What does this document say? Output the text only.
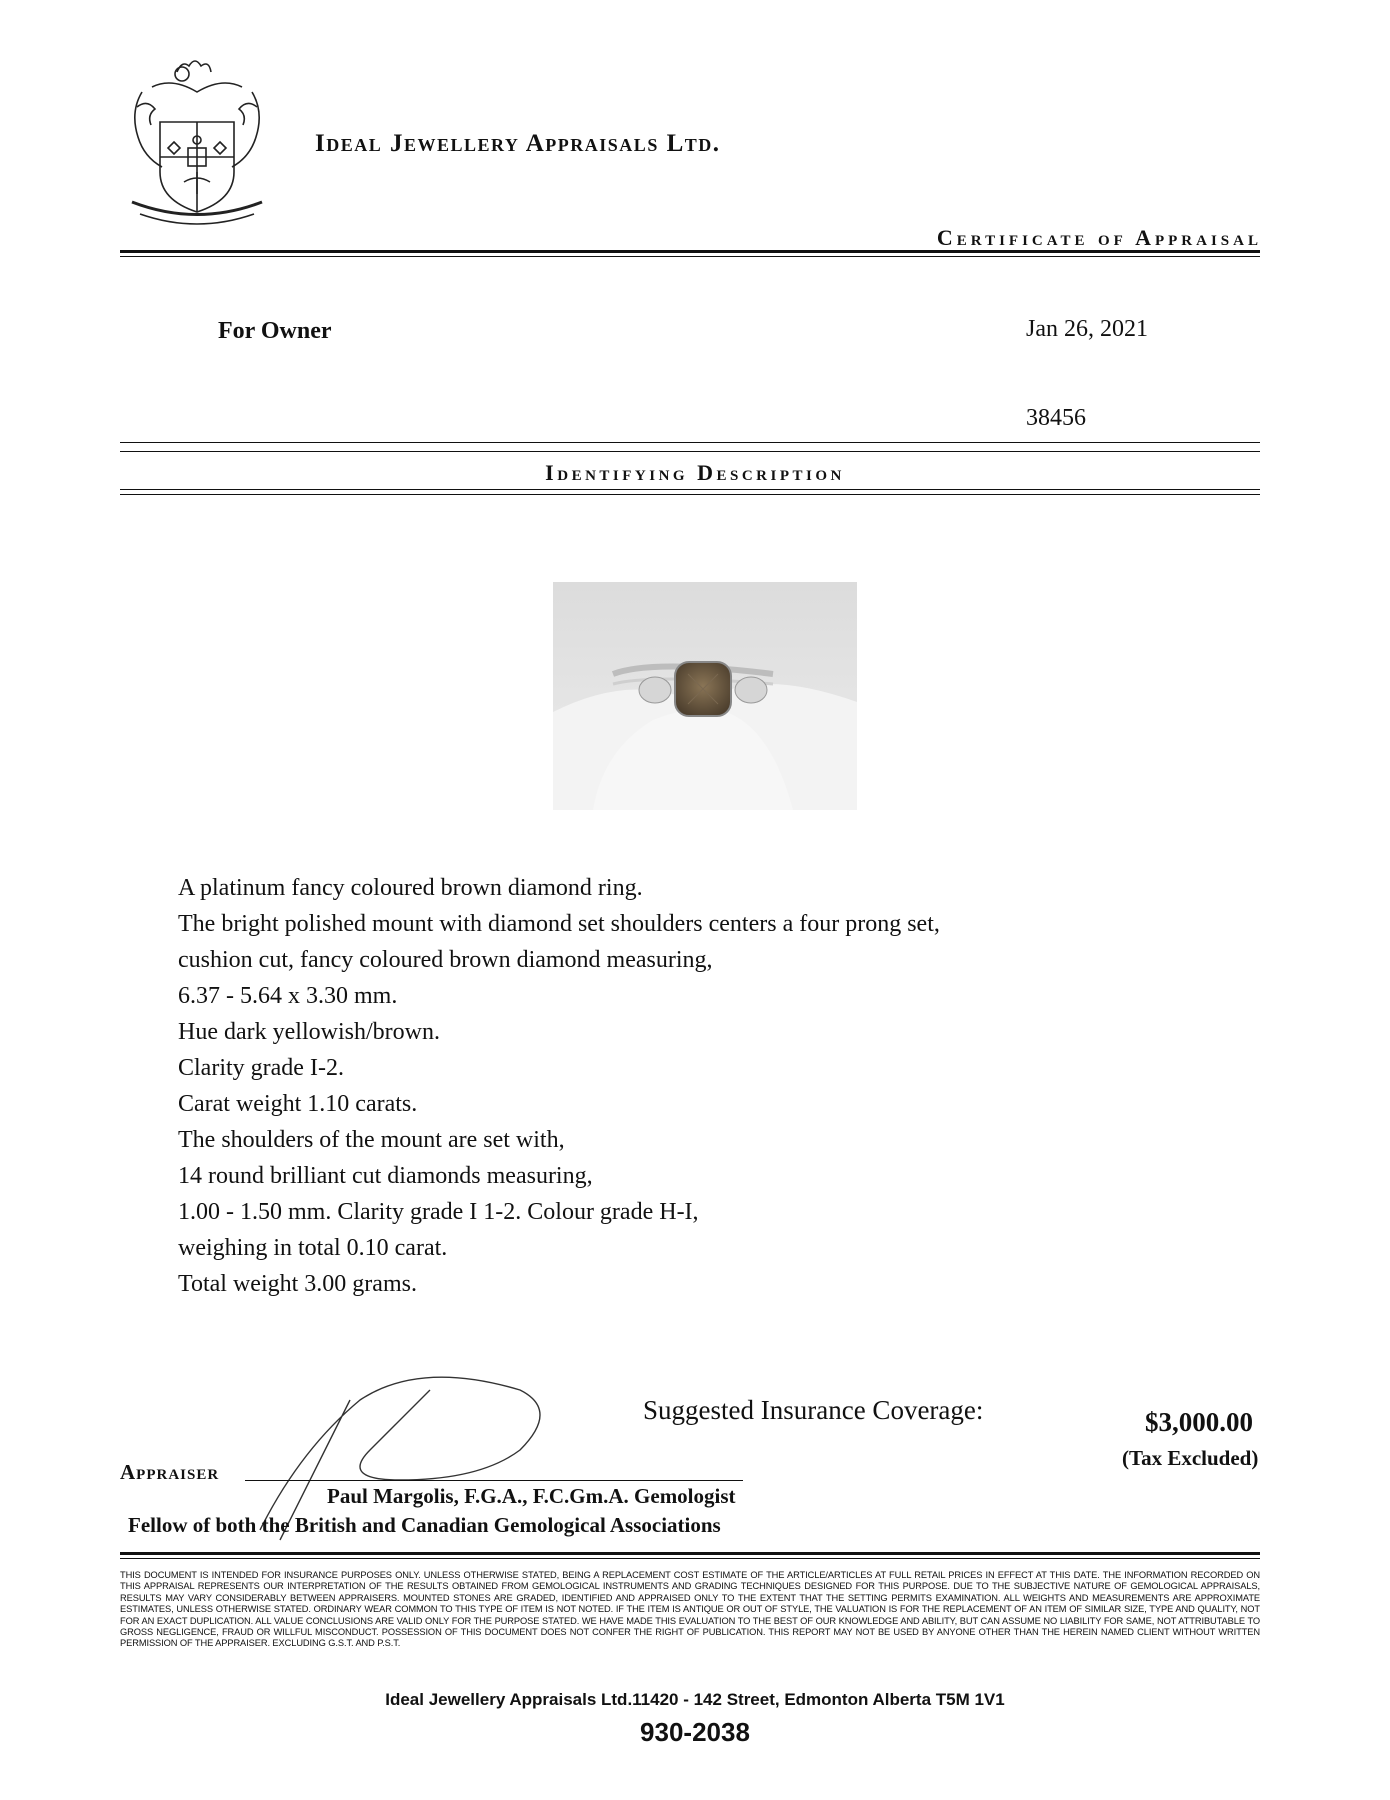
Ideal Jewellery Appraisals Ltd.
Certificate of Appraisal
For Owner	Jan 26, 2021
38456
Identifying Description
A platinum fancy coloured brown diamond ring.
The bright polished mount with diamond set shoulders centers a four prong set,
cushion cut, fancy coloured brown diamond measuring,
6.37 - 5.64 x 3.30 mm.
Hue dark yellowish/brown.
Clarity grade I-2.
Carat weight 1.10 carats.
The shoulders of the mount are set with,
14 round brilliant cut diamonds measuring,
1.00 - 1.50 mm. Clarity grade I 1-2. Colour grade H-I,
weighing in total 0.10 carat.
Total weight 3.00 grams.
Suggested Insurance Coverage:	$3,000.00
(Tax Excluded)
Appraiser
Paul Margolis, F.G.A., F.C.Gm.A. Gemologist
Fellow of both the British and Canadian Gemological Associations
THIS DOCUMENT IS INTENDED FOR INSURANCE PURPOSES ONLY. UNLESS OTHERWISE STATED, BEING A REPLACEMENT COST ESTIMATE OF THE ARTICLE/ARTICLES AT FULL RETAIL PRICES IN EFFECT AT THIS DATE. THE INFORMATION RECORDED ON THIS APPRAISAL REPRESENTS OUR INTERPRETATION OF THE RESULTS OBTAINED FROM GEMOLOGICAL INSTRUMENTS AND GRADING TECHNIQUES DESIGNED FOR THIS PURPOSE. DUE TO THE SUBJECTIVE NATURE OF GEMOLOGICAL APPRAISALS, RESULTS MAY VARY CONSIDERABLY BETWEEN APPRAISERS. MOUNTED STONES ARE GRADED, IDENTIFIED AND APPRAISED ONLY TO THE EXTENT THAT THE SETTING PERMITS EXAMINATION. ALL WEIGHTS AND MEASUREMENTS ARE APPROXIMATE ESTIMATES, UNLESS OTHERWISE STATED. ORDINARY WEAR COMMON TO THIS TYPE OF ITEM IS NOT NOTED. IF THE ITEM IS ANTIQUE OR OUT OF STYLE, THE VALUATION IS FOR THE REPLACEMENT OF AN ITEM OF SIMILAR SIZE, TYPE AND QUALITY, NOT FOR AN EXACT DUPLICATION. ALL VALUE CONCLUSIONS ARE VALID ONLY FOR THE PURPOSE STATED. WE HAVE MADE THIS EVALUATION TO THE BEST OF OUR KNOWLEDGE AND ABILITY, BUT CAN ASSUME NO LIABILITY FOR SAME, NOT ATTRIBUTABLE TO GROSS NEGLIGENCE, FRAUD OR WILLFUL MISCONDUCT. POSSESSION OF THIS DOCUMENT DOES NOT CONFER THE RIGHT OF PUBLICATION. THIS REPORT MAY NOT BE USED BY ANYONE OTHER THAN THE HEREIN NAMED CLIENT WITHOUT WRITTEN PERMISSION OF THE APPRAISER. EXCLUDING G.S.T. AND P.S.T.
Ideal Jewellery Appraisals Ltd.11420 - 142 Street, Edmonton Alberta T5M 1V1
930-2038
